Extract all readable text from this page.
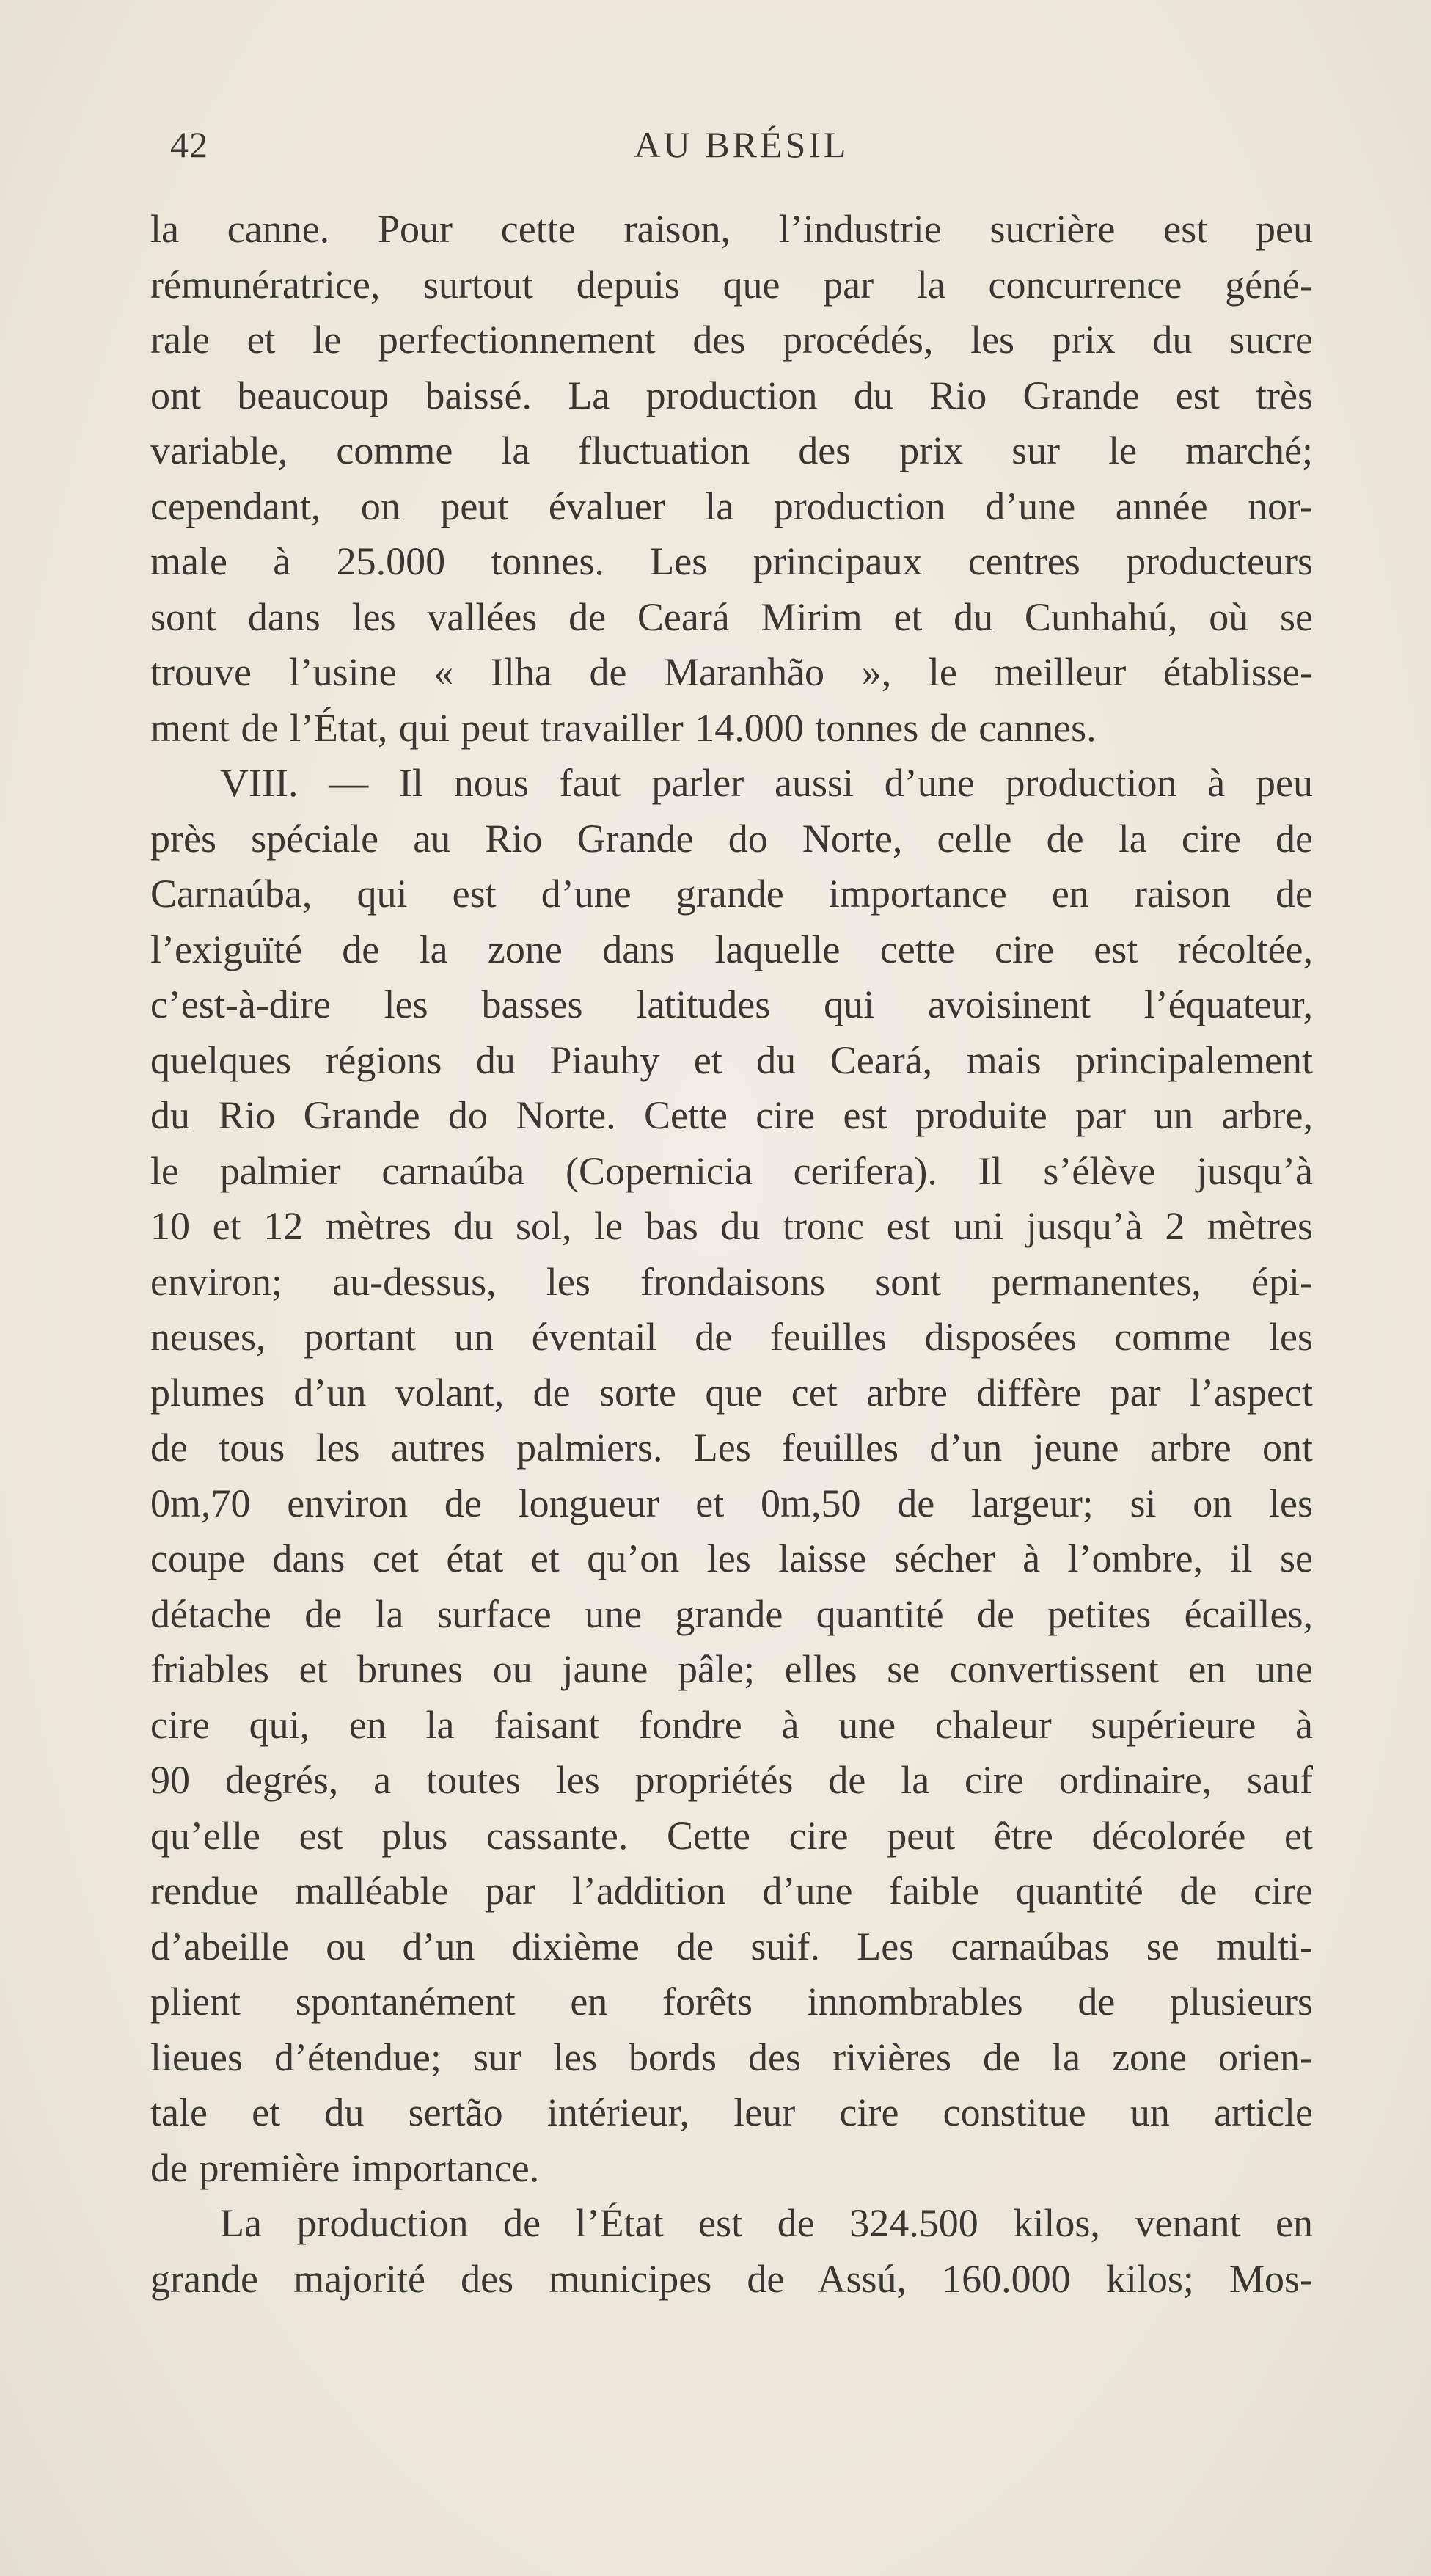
42	AU BRÉSIL
la canne. Pour cette raison, l’industrie sucrière est peu
rémunératrice, surtout depuis que par la concurrence géné-
rale et le perfectionnement des procédés, les prix du sucre
ont beaucoup baissé. La production du Rio Grande est très
variable, comme la fluctuation des prix sur le marché;
cependant, on peut évaluer la production d’une année nor-
male à 25.000 tonnes. Les principaux centres producteurs
sont dans les vallées de Ceará Mirim et du Cunhahú, où se
trouve l’usine « Ilha de Maranhão », le meilleur établisse-
ment de l’État, qui peut travailler 14.000 tonnes de cannes.
VIII. — Il nous faut parler aussi d’une production à peu
près spéciale au Rio Grande do Norte, celle de la cire de
Carnaúba, qui est d’une grande importance en raison de
l’exiguïté de la zone dans laquelle cette cire est récoltée,
c’est-à-dire les basses latitudes qui avoisinent l’équateur,
quelques régions du Piauhy et du Ceará, mais principalement
du Rio Grande do Norte. Cette cire est produite par un arbre,
le palmier carnaúba (Copernicia cerifera). Il s’élève jusqu’à
10 et 12 mètres du sol, le bas du tronc est uni jusqu’à 2 mètres
environ; au-dessus, les frondaisons sont permanentes, épi-
neuses, portant un éventail de feuilles disposées comme les
plumes d’un volant, de sorte que cet arbre diffère par l’aspect
de tous les autres palmiers. Les feuilles d’un jeune arbre ont
0m,70 environ de longueur et 0m,50 de largeur; si on les
coupe dans cet état et qu’on les laisse sécher à l’ombre, il se
détache de la surface une grande quantité de petites écailles,
friables et brunes ou jaune pâle; elles se convertissent en une
cire qui, en la faisant fondre à une chaleur supérieure à
90 degrés, a toutes les propriétés de la cire ordinaire, sauf
qu’elle est plus cassante. Cette cire peut être décolorée et
rendue malléable par l’addition d’une faible quantité de cire
d’abeille ou d’un dixième de suif. Les carnaúbas se multi-
plient spontanément en forêts innombrables de plusieurs
lieues d’étendue; sur les bords des rivières de la zone orien-
tale et du sertão intérieur, leur cire constitue un article
de première importance.
La production de l’État est de 324.500 kilos, venant en
grande majorité des municipes de Assú, 160.000 kilos; Mos-
